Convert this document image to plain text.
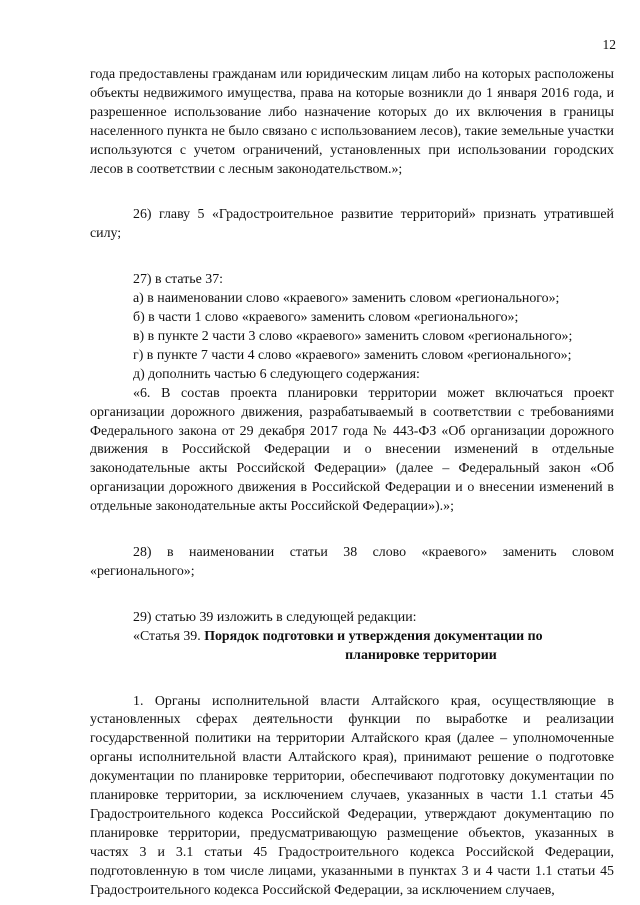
12

года предоставлены гражданам или юридическим лицам либо на которых расположены объекты недвижимого имущества, права на которые возникли до 1 января 2016 года, и разрешенное использование либо назначение которых до их включения в границы населенного пункта не было связано с использованием лесов), такие земельные участки используются с учетом ограничений, установленных при использовании городских лесов в соответствии с лесным законодательством.»;

26) главу 5 «Градостроительное развитие территорий» признать утратившей силу;

27) в статье 37:

а) в наименовании слово «краевого» заменить словом «регионального»;

б) в части 1 слово «краевого» заменить словом «регионального»;

в) в пункте 2 части 3 слово «краевого» заменить словом «регионального»;

г) в пункте 7 части 4 слово «краевого» заменить словом «регионального»;

д) дополнить частью 6 следующего содержания:

«6. В состав проекта планировки территории может включаться проект организации дорожного движения, разрабатываемый в соответствии с требованиями Федерального закона от 29 декабря 2017 года № 443-ФЗ «Об организации дорожного движения в Российской Федерации и о внесении изменений в отдельные законодательные акты Российской Федерации» (далее – Федеральный закон «Об организации дорожного движения в Российской Федерации и о внесении изменений в отдельные законодательные акты Российской Федерации»).»;

28) в наименовании статьи 38 слово «краевого» заменить словом «регионального»;

29) статью 39 изложить в следующей редакции:

«Статья 39. Порядок подготовки и утверждения документации по
планировке территории

1. Органы исполнительной власти Алтайского края, осуществляющие в установленных сферах деятельности функции по выработке и реализации государственной политики на территории Алтайского края (далее – уполномоченные органы исполнительной власти Алтайского края), принимают решение о подготовке документации по планировке территории, обеспечивают подготовку документации по планировке территории, за исключением случаев, указанных в части 1.1 статьи 45 Градостроительного кодекса Российской Федерации, утверждают документацию по планировке территории, предусматривающую размещение объектов, указанных в частях 3 и 3.1 статьи 45 Градостроительного кодекса Российской Федерации, подготовленную в том числе лицами, указанными в пунктах 3 и 4 части 1.1 статьи 45 Градостроительного кодекса Российской Федерации, за исключением случаев,
